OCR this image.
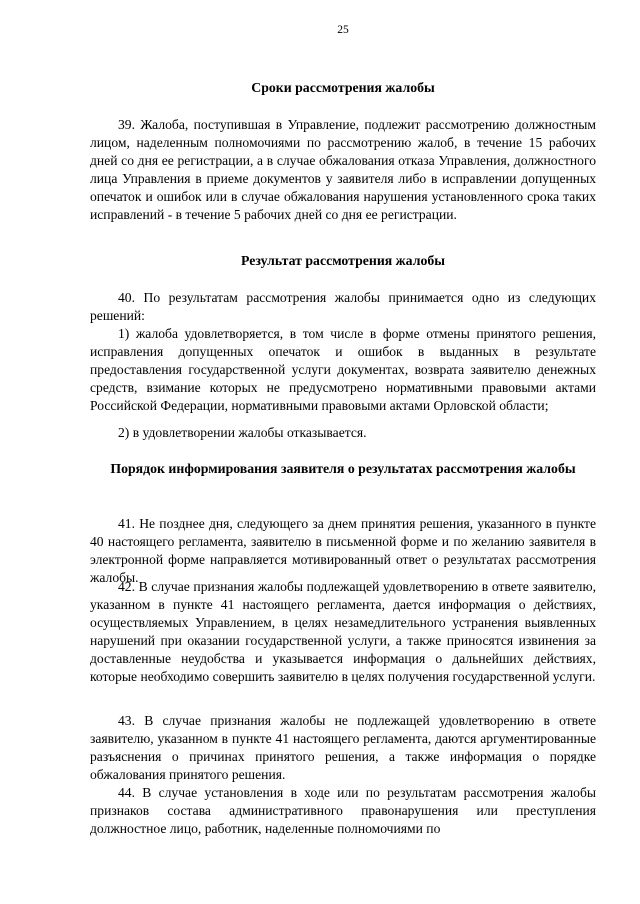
25
Сроки рассмотрения жалобы
39. Жалоба, поступившая в Управление, подлежит рассмотрению должностным лицом, наделенным полномочиями по рассмотрению жалоб, в течение 15 рабочих дней со дня ее регистрации, а в случае обжалования отказа Управления, должностного лица Управления в приеме документов у заявителя либо в исправлении допущенных опечаток и ошибок или в случае обжалования нарушения установленного срока таких исправлений - в течение 5 рабочих дней со дня ее регистрации.
Результат рассмотрения жалобы
40. По результатам рассмотрения жалобы принимается одно из следующих решений:
1) жалоба удовлетворяется, в том числе в форме отмены принятого решения, исправления допущенных опечаток и ошибок в выданных в результате предоставления государственной услуги документах, возврата заявителю денежных средств, взимание которых не предусмотрено нормативными правовыми актами Российской Федерации, нормативными правовыми актами Орловской области;
2) в удовлетворении жалобы отказывается.
Порядок информирования заявителя о результатах рассмотрения жалобы
41. Не позднее дня, следующего за днем принятия решения, указанного в пункте 40 настоящего регламента, заявителю в письменной форме и по желанию заявителя в электронной форме направляется мотивированный ответ о результатах рассмотрения жалобы.
42. В случае признания жалобы подлежащей удовлетворению в ответе заявителю, указанном в пункте 41 настоящего регламента, дается информация о действиях, осуществляемых Управлением, в целях незамедлительного устранения выявленных нарушений при оказании государственной услуги, а также приносятся извинения за доставленные неудобства и указывается информация о дальнейших действиях, которые необходимо совершить заявителю в целях получения государственной услуги.
43. В случае признания жалобы не подлежащей удовлетворению в ответе заявителю, указанном в пункте 41 настоящего регламента, даются аргументированные разъяснения о причинах принятого решения, а также информация о порядке обжалования принятого решения.
44. В случае установления в ходе или по результатам рассмотрения жалобы признаков состава административного правонарушения или преступления должностное лицо, работник, наделенные полномочиями по
